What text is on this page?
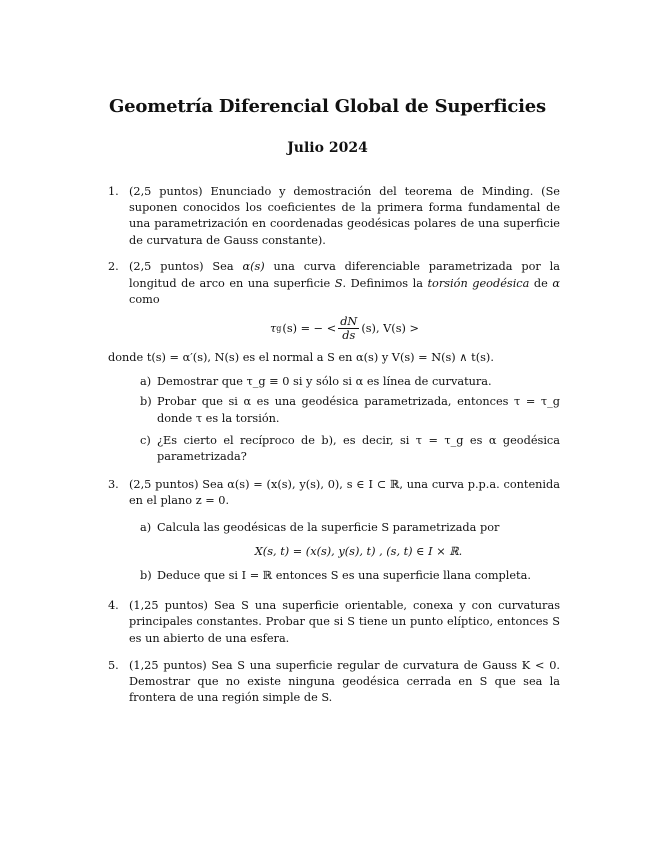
Geometría Diferencial Global de Superficies
Julio 2024
1. (2,5 puntos) Enunciado y demostración del teorema de Minding. (Se suponen conocidos los coeficientes de la primera forma fundamental de una parametrización en coordenadas geodésicas polares de una superficie de curvatura de Gauss constante).

2. (2,5 puntos) Sea α(s) una curva diferenciable parametrizada por la longitud de arco en una superficie S. Definimos la torsión geodésica de α como

τ g (s) = − < $\frac{dN}{ds} (s)$, V(s) >

donde t(s) = α′(s), N(s) es el normal a S en α(s) y V(s) = N(s) ∧ t(s).

a) Demostrar que τ_g ≡ 0 si y sólo si α es línea de curvatura.
b) Probar que si α es una geodésica parametrizada, entonces τ = τ_g donde τ es la torsión.
c) ¿Es cierto el recíproco de b), es decir, si τ = τ_g es α geodésica parametrizada?
3. (2,5 puntos) Sea α(s) = (x(s), y(s), 0), s ∈ I ⊂ ℝ, una curva p.p.a. contenida en el plano z = 0.

a) Calcula las geodésicas de la superficie S parametrizada por
X(s, t) = (x(s), y(s), t) , (s, t) ∈ I × ℝ.
b) Deduce que si I = ℝ entonces S es una superficie llana completa.
4. (1,25 puntos) Sea S una superficie orientable, conexa y con curvaturas principales constantes. Probar que si S tiene un punto elíptico, entonces S es un abierto de una esfera.

5. (1,25 puntos) Sea S una superficie regular de curvatura de Gauss K < 0. Demostrar que no existe ninguna geodésica cerrada en S que sea la frontera de una región simple de S.
